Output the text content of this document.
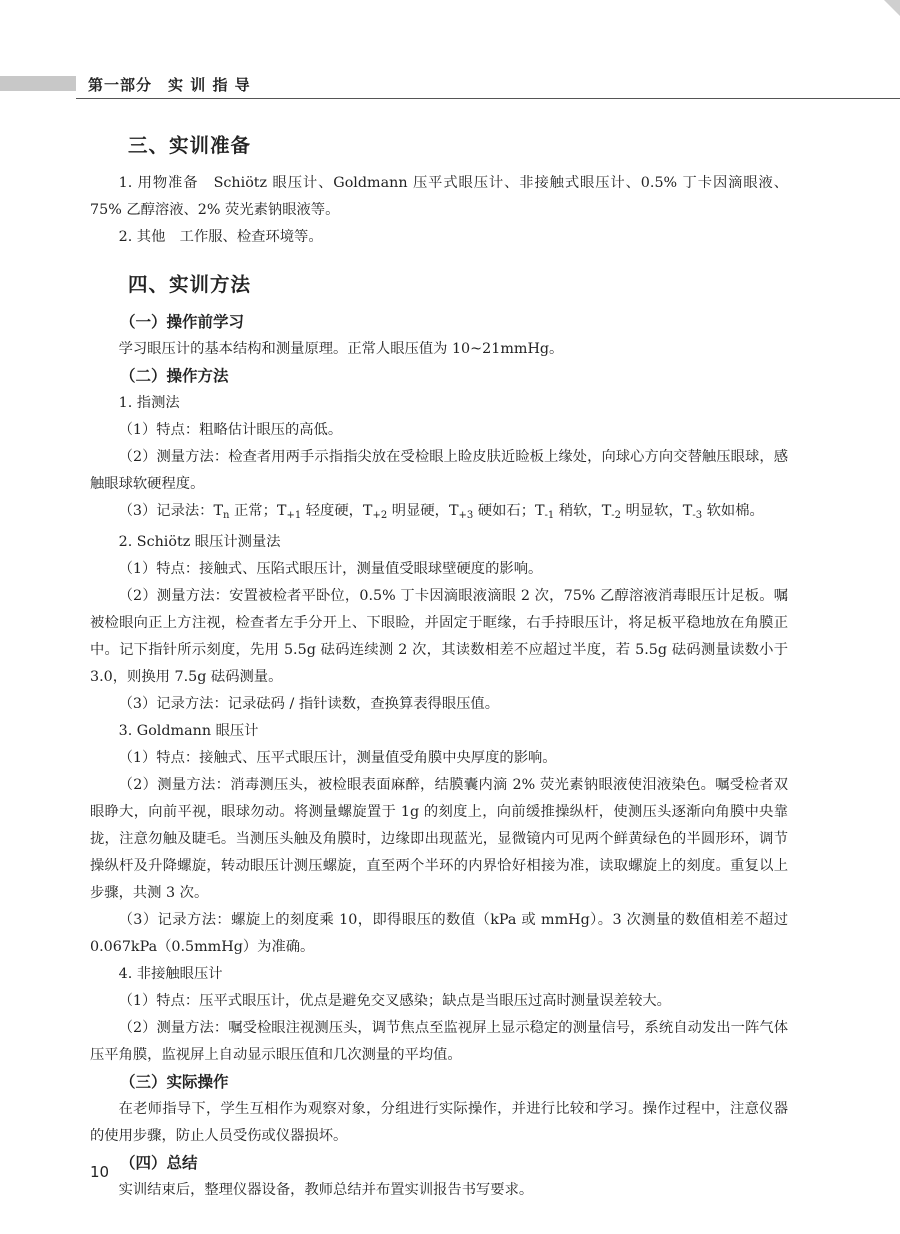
第一部分　实 训 指 导
三、实训准备

1. 用物准备　Schiötz 眼压计、Goldmann 压平式眼压计、非接触式眼压计、0.5% 丁卡因滴眼液、75% 乙醇溶液、2% 荧光素钠眼液等。

2. 其他　工作服、检查环境等。

四、实训方法
（一）操作前学习

学习眼压计的基本结构和测量原理。正常人眼压值为 10~21mmHg。

（二）操作方法

1. 指测法

（1）特点：粗略估计眼压的高低。

（2）测量方法：检查者用两手示指指尖放在受检眼上睑皮肤近睑板上缘处，向球心方向交替触压眼球，感触眼球软硬程度。

（3）记录法：$T_n$ 正常；$T_{+1}$ 轻度硬，$T_{+2}$ 明显硬，$T_{+3}$ 硬如石；$T_{-1}$ 稍软，$T_{-2}$ 明显软，$T_{-3}$ 软如棉。

2. Schiötz 眼压计测量法

（1）特点：接触式、压陷式眼压计，测量值受眼球壁硬度的影响。

（2）测量方法：安置被检者平卧位，0.5% 丁卡因滴眼液滴眼 2 次，75% 乙醇溶液消毒眼压计足板。嘱被检眼向正上方注视，检查者左手分开上、下眼睑，并固定于眶缘，右手持眼压计，将足板平稳地放在角膜正中。记下指针所示刻度，先用 5.5g 砝码连续测 2 次，其读数相差不应超过半度，若 5.5g 砝码测量读数小于 3.0，则换用 7.5g 砝码测量。

（3）记录方法：记录砝码 / 指针读数，查换算表得眼压值。

3. Goldmann 眼压计

（1）特点：接触式、压平式眼压计，测量值受角膜中央厚度的影响。

（2）测量方法：消毒测压头，被检眼表面麻醉，结膜囊内滴 2% 荧光素钠眼液使泪液染色。嘱受检者双眼睁大，向前平视，眼球勿动。将测量螺旋置于 1g 的刻度上，向前缓推操纵杆，使测压头逐渐向角膜中央靠拢，注意勿触及睫毛。当测压头触及角膜时，边缘即出现蓝光，显微镜内可见两个鲜黄绿色的半圆形环，调节操纵杆及升降螺旋，转动眼压计测压螺旋，直至两个半环的内界恰好相接为准，读取螺旋上的刻度。重复以上步骤，共测 3 次。

（3）记录方法：螺旋上的刻度乘 10，即得眼压的数值（kPa 或 mmHg）。3 次测量的数值相差不超过 0.067kPa（0.5mmHg）为准确。

4. 非接触眼压计

（1）特点：压平式眼压计，优点是避免交叉感染；缺点是当眼压过高时测量误差较大。

（2）测量方法：嘱受检眼注视测压头，调节焦点至监视屏上显示稳定的测量信号，系统自动发出一阵气体压平角膜，监视屏上自动显示眼压值和几次测量的平均值。

（三）实际操作

在老师指导下，学生互相作为观察对象，分组进行实际操作，并进行比较和学习。操作过程中，注意仪器的使用步骤，防止人员受伤或仪器损坏。

（四）总结

实训结束后，整理仪器设备，教师总结并布置实训报告书写要求。

10
